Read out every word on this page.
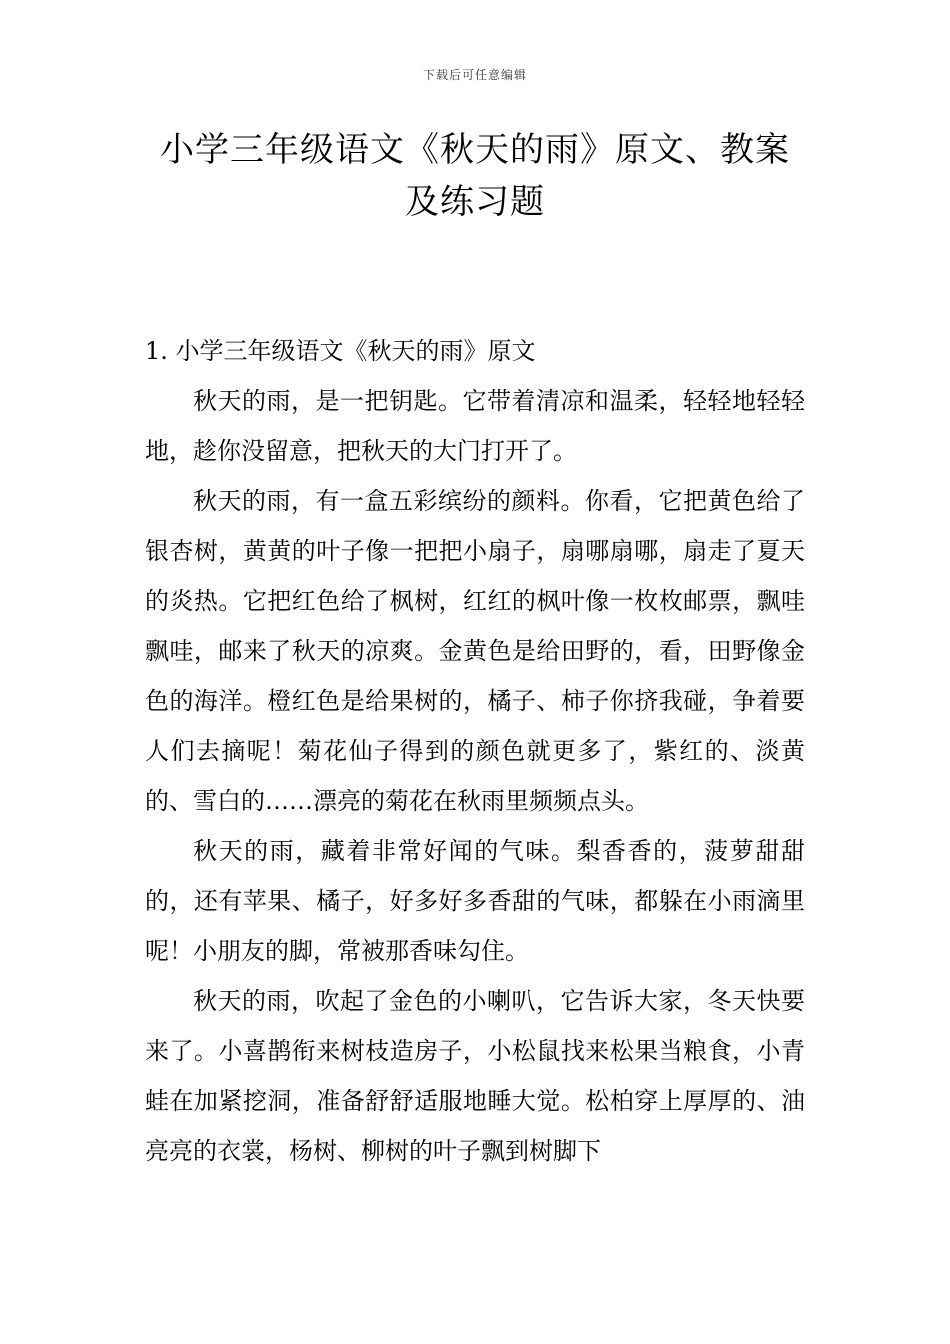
下载后可任意编辑
小学三年级语文《秋天的雨》原文、教案
及练习题

1. 小学三年级语文《秋天的雨》原文

秋天的雨，是一把钥匙。它带着清凉和温柔，轻轻地轻轻地，趁你没留意，把秋天的大门打开了。

秋天的雨，有一盒五彩缤纷的颜料。你看，它把黄色给了银杏树，黄黄的叶子像一把把小扇子，扇哪扇哪，扇走了夏天的炎热。它把红色给了枫树，红红的枫叶像一枚枚邮票，飘哇飘哇，邮来了秋天的凉爽。金黄色是给田野的，看，田野像金色的海洋。橙红色是给果树的，橘子、柿子你挤我碰，争着要人们去摘呢！菊花仙子得到的颜色就更多了，紫红的、淡黄的、雪白的……漂亮的菊花在秋雨里频频点头。

秋天的雨，藏着非常好闻的气味。梨香香的，菠萝甜甜的，还有苹果、橘子，好多好多香甜的气味，都躲在小雨滴里呢！小朋友的脚，常被那香味勾住。

秋天的雨，吹起了金色的小喇叭，它告诉大家，冬天快要来了。小喜鹊衔来树枝造房子，小松鼠找来松果当粮食，小青蛙在加紧挖洞，准备舒舒适服地睡大觉。松柏穿上厚厚的、油亮亮的衣裳，杨树、柳树的叶子飘到树脚下
